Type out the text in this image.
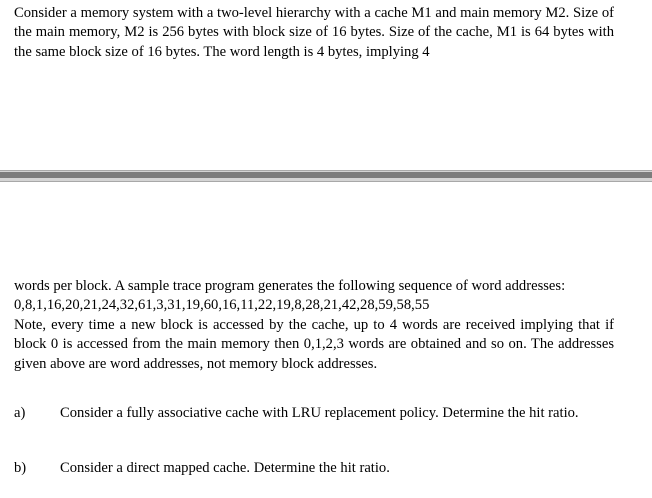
Consider a memory system with a two-level hierarchy with a cache M1 and main memory M2. Size of the main memory, M2 is 256 bytes with block size of 16 bytes. Size of the cache, M1 is 64 bytes with the same block size of 16 bytes. The word length is 4 bytes, implying 4
words per block. A sample trace program generates the following sequence of word addresses:
0,8,1,16,20,21,24,32,61,3,31,19,60,16,11,22,19,8,28,21,42,28,59,58,55
Note, every time a new block is accessed by the cache, up to 4 words are received implying that if block 0 is accessed from the main memory then 0,1,2,3 words are obtained and so on. The addresses given above are word addresses, not memory block addresses.
a) Consider a fully associative cache with LRU replacement policy. Determine the hit ratio.
b) Consider a direct mapped cache. Determine the hit ratio.
